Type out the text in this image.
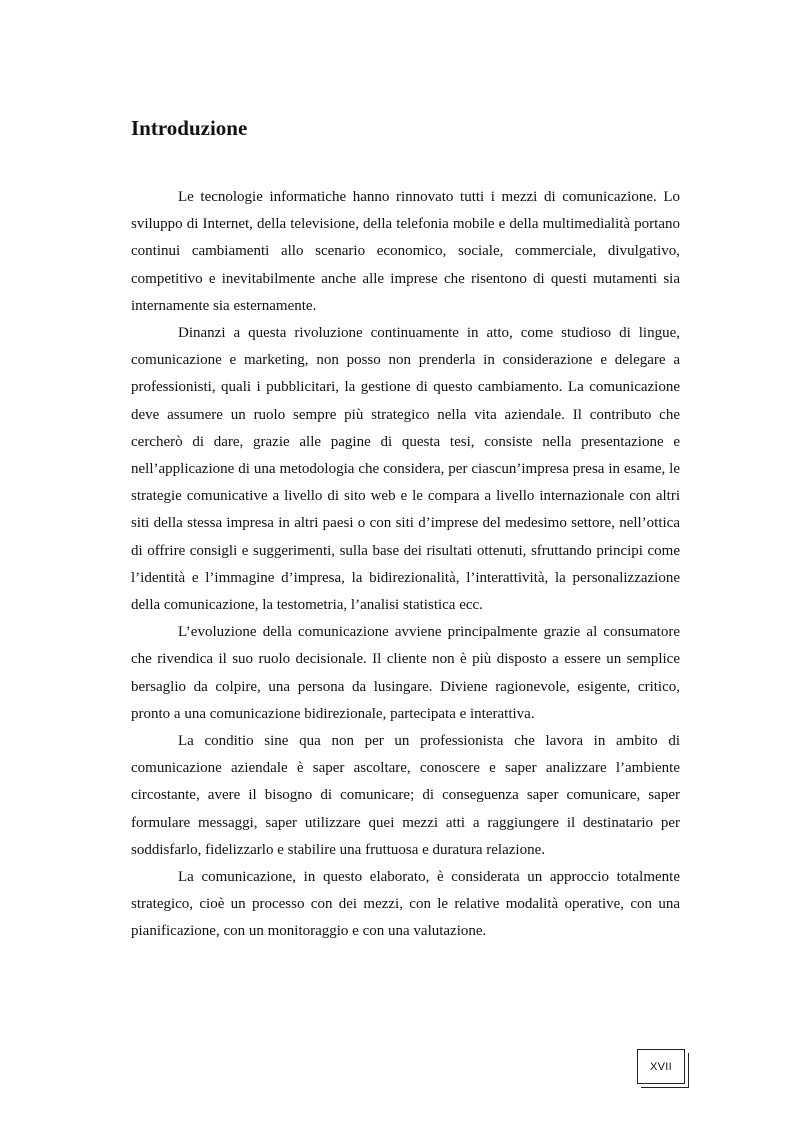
Introduzione

Le tecnologie informatiche hanno rinnovato tutti i mezzi di comunicazione. Lo sviluppo di Internet, della televisione, della telefonia mobile e della multimedialità portano continui cambiamenti allo scenario economico, sociale, commerciale, divulgativo, competitivo e inevitabilmente anche alle imprese che risentono di questi mutamenti sia internamente sia esternamente.

Dinanzi a questa rivoluzione continuamente in atto, come studioso di lingue, comunicazione e marketing, non posso non prenderla in considerazione e delegare a professionisti, quali i pubblicitari, la gestione di questo cambiamento. La comunicazione deve assumere un ruolo sempre più strategico nella vita aziendale. Il contributo che cercherò di dare, grazie alle pagine di questa tesi, consiste nella presentazione e nell’applicazione di una metodologia che considera, per ciascun’impresa presa in esame, le strategie comunicative a livello di sito web e le compara a livello internazionale con altri siti della stessa impresa in altri paesi o con siti d’imprese del medesimo settore, nell’ottica di offrire consigli e suggerimenti, sulla base dei risultati ottenuti, sfruttando principi come l’identità e l’immagine d’impresa, la bidirezionalità, l’interattività, la personalizzazione della comunicazione, la testometria, l’analisi statistica ecc.

L’evoluzione della comunicazione avviene principalmente grazie al consumatore che rivendica il suo ruolo decisionale. Il cliente non è più disposto a essere un semplice bersaglio da colpire, una persona da lusingare. Diviene ragionevole, esigente, critico, pronto a una comunicazione bidirezionale, partecipata e interattiva.

La conditio sine qua non per un professionista che lavora in ambito di comunicazione aziendale è saper ascoltare, conoscere e saper analizzare l’ambiente circostante, avere il bisogno di comunicare; di conseguenza saper comunicare, saper formulare messaggi, saper utilizzare quei mezzi atti a raggiungere il destinatario per soddisfarlo, fidelizzarlo e stabilire una fruttuosa e duratura relazione.

La comunicazione, in questo elaborato, è considerata un approccio totalmente strategico, cioè un processo con dei mezzi, con le relative modalità operative, con una pianificazione, con un monitoraggio e con una valutazione.

XVII
